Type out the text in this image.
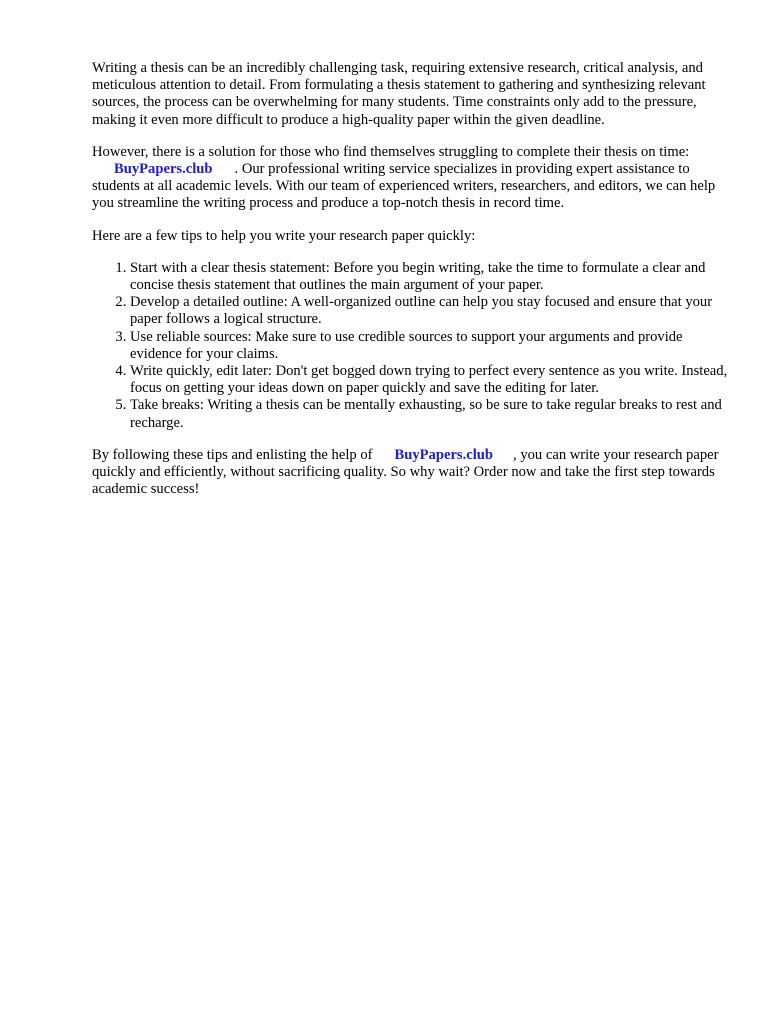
Writing a thesis can be an incredibly challenging task, requiring extensive research, critical analysis, and meticulous attention to detail. From formulating a thesis statement to gathering and synthesizing relevant sources, the process can be overwhelming for many students. Time constraints only add to the pressure, making it even more difficult to produce a high-quality paper within the given deadline.

However, there is a solution for those who find themselves struggling to complete their thesis on time:BuyPapers.club . Our professional writing service specializes in providing expert assistance to students at all academic levels. With our team of experienced writers, researchers, and editors, we can help you streamline the writing process and produce a top-notch thesis in record time.

Here are a few tips to help you write your research paper quickly:

1. Start with a clear thesis statement: Before you begin writing, take the time to formulate a clear and concise thesis statement that outlines the main argument of your paper.
2. Develop a detailed outline: A well-organized outline can help you stay focused and ensure that your paper follows a logical structure.
3. Use reliable sources: Make sure to use credible sources to support your arguments and provide evidence for your claims.
4. Write quickly, edit later: Don't get bogged down trying to perfect every sentence as you write. Instead, focus on getting your ideas down on paper quickly and save the editing for later.
5. Take breaks: Writing a thesis can be mentally exhausting, so be sure to take regular breaks to rest and recharge.

By following these tips and enlisting the help of BuyPapers.club , you can write your research paper quickly and efficiently, without sacrificing quality. So why wait? Order now and take the first step towards academic success!
